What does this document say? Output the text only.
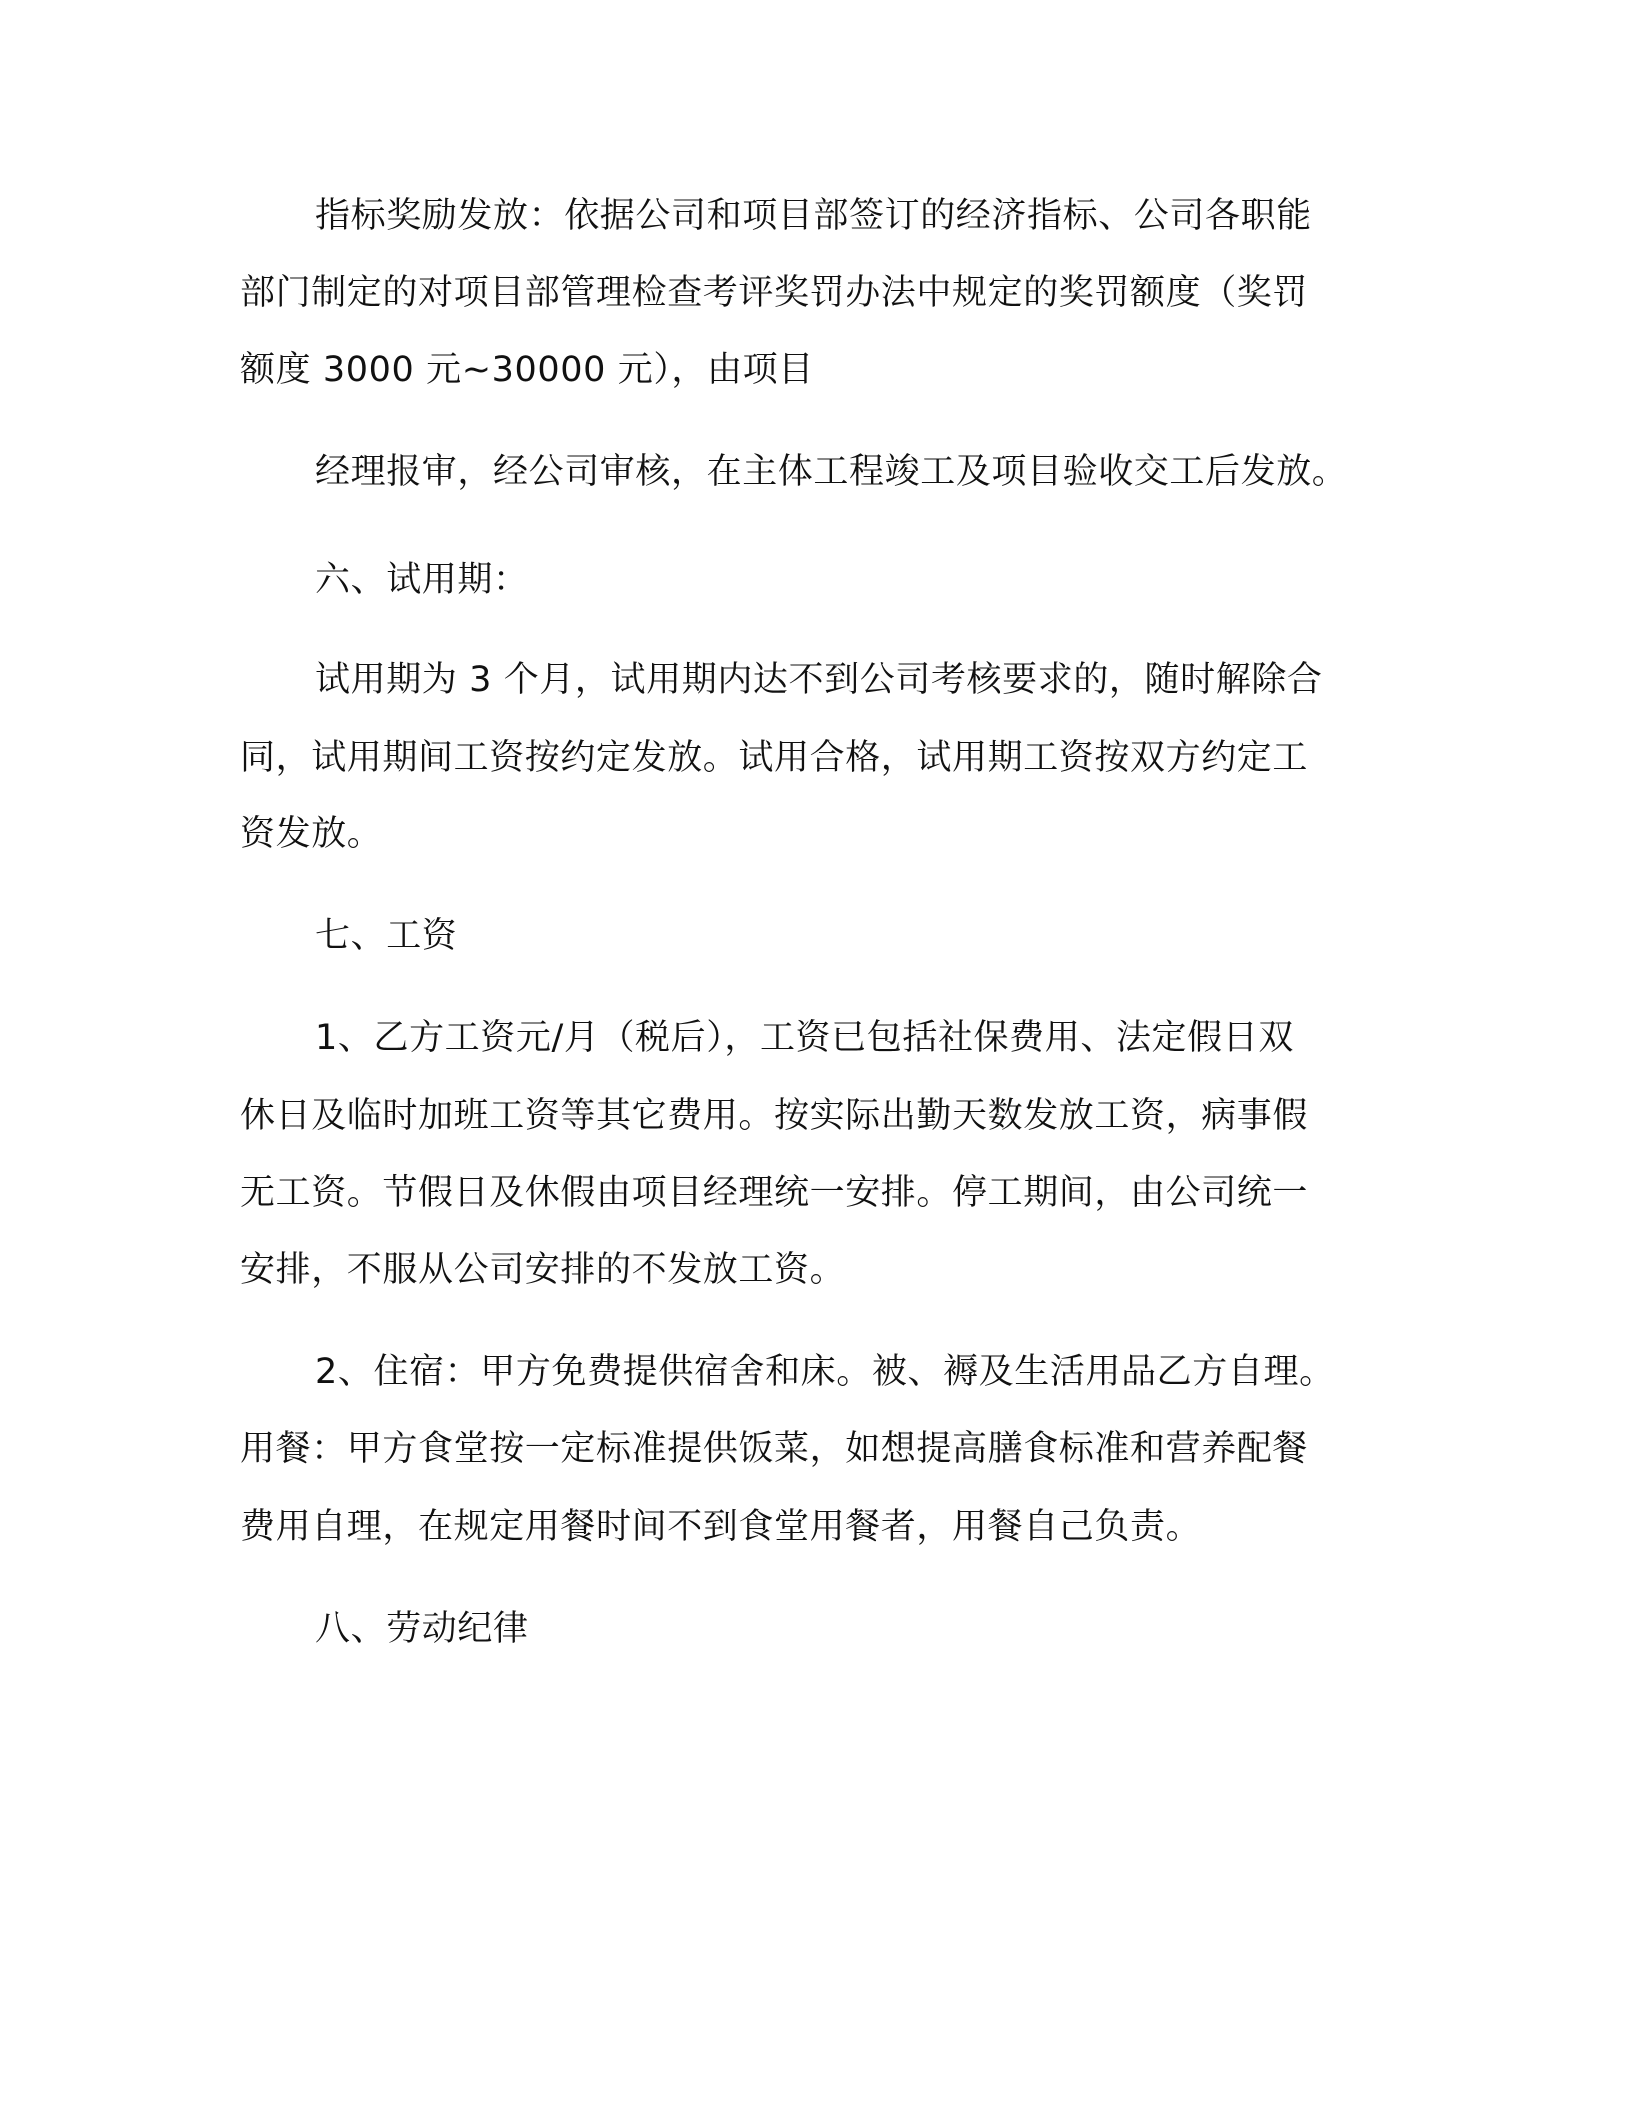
指标奖励发放：依据公司和项目部签订的经济指标、公司各职能
部门制定的对项目部管理检查考评奖罚办法中规定的奖罚额度（奖罚
额度 3000 元~30000 元），由项目
经理报审，经公司审核，在主体工程竣工及项目验收交工后发放。
六、试用期：
试用期为 3 个月，试用期内达不到公司考核要求的，随时解除合
同，试用期间工资按约定发放。试用合格，试用期工资按双方约定工
资发放。
七、工资
1、乙方工资元/月（税后），工资已包括社保费用、法定假日双
休日及临时加班工资等其它费用。按实际出勤天数发放工资，病事假
无工资。节假日及休假由项目经理统一安排。停工期间，由公司统一
安排，不服从公司安排的不发放工资。
2、住宿：甲方免费提供宿舍和床。被、褥及生活用品乙方自理。
用餐：甲方食堂按一定标准提供饭菜，如想提高膳食标准和营养配餐
费用自理，在规定用餐时间不到食堂用餐者，用餐自己负责。
八、劳动纪律
